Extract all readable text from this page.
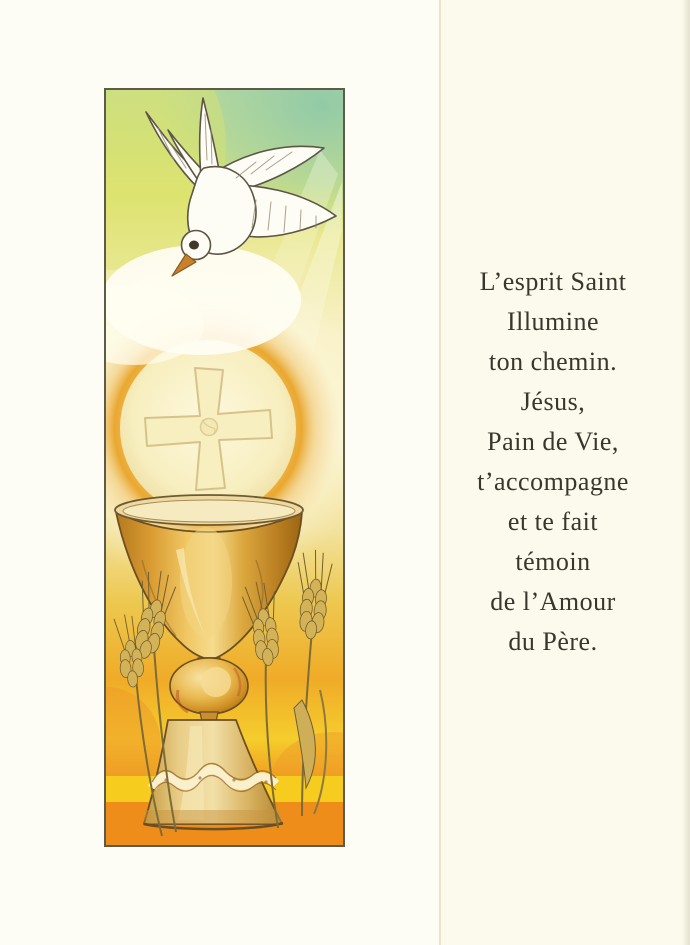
L’esprit Saint
Illumine
ton chemin.
Jésus,
Pain de Vie,
t’accompagne
et te fait
témoin
de l’Amour
du Père.
